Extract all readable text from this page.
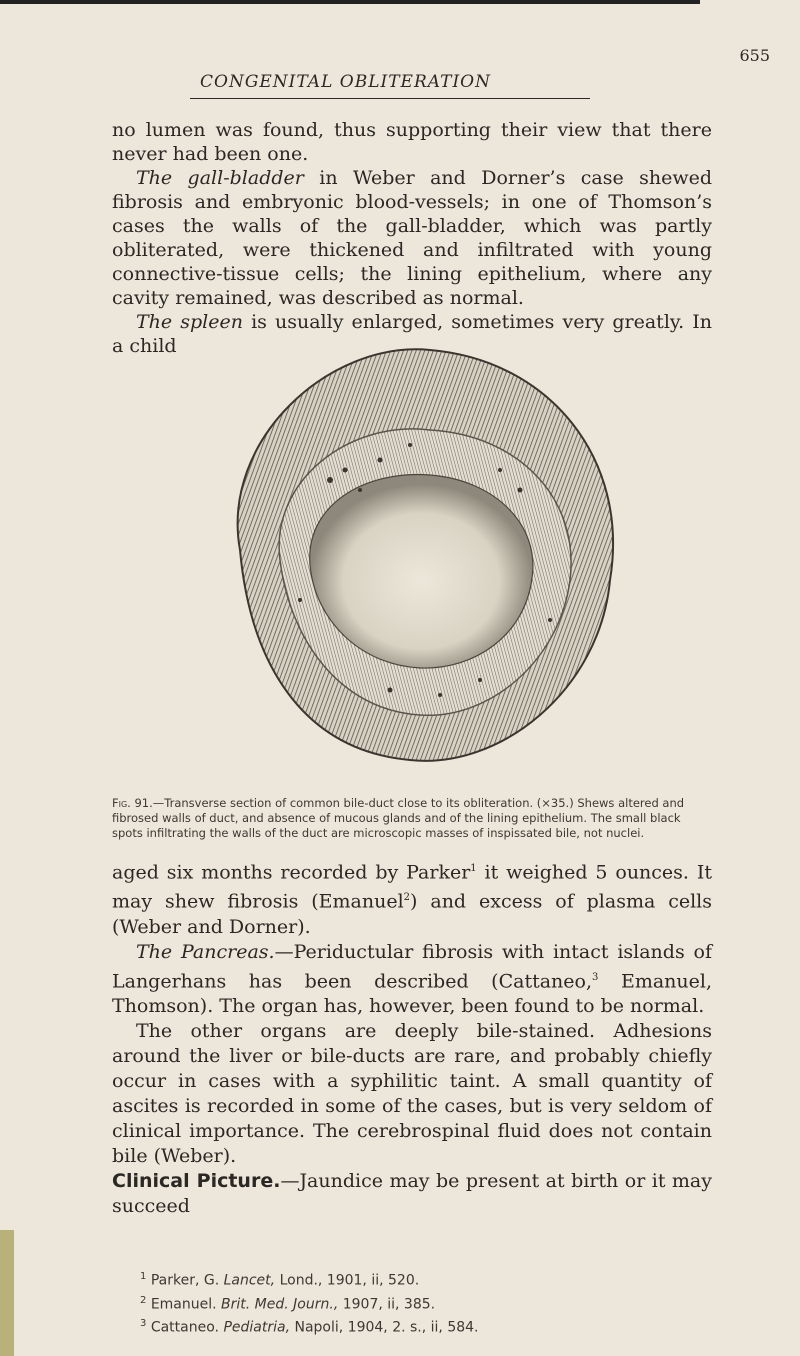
CONGENITAL OBLITERATION
655

no lumen was found, thus supporting their view that there never had been one.

The gall-bladder in Weber and Dorner’s case shewed fibrosis and embryonic blood-vessels; in one of Thomson’s cases the walls of the gall-bladder, which was partly obliterated, were thickened and infiltrated with young connective-tissue cells; the lining epithelium, where any cavity remained, was described as normal.

The spleen is usually enlarged, sometimes very greatly. In a child

Fig. 91.—Transverse section of common bile-duct close to its obliteration. (×35.) Shews altered and fibrosed walls of duct, and absence of mucous glands and of the lining epithelium. The small black spots infiltrating the walls of the duct are microscopic masses of inspissated bile, not nuclei.

aged six months recorded by Parker$^1$ it weighed 5 ounces. It may shew fibrosis (Emanuel$^2$) and excess of plasma cells (Weber and Dorner).

The Pancreas.—Periductular fibrosis with intact islands of Langerhans has been described (Cattaneo,$^3$ Emanuel, Thomson). The organ has, however, been found to be normal.

The other organs are deeply bile-stained. Adhesions around the liver or bile-ducts are rare, and probably chiefly occur in cases with a syphilitic taint. A small quantity of ascites is recorded in some of the cases, but is very seldom of clinical importance. The cerebrospinal fluid does not contain bile (Weber).

Clinical Picture.—Jaundice may be present at birth or it may succeed

$^1$ Parker, G. Lancet, Lond., 1901, ii, 520.

$^2$ Emanuel. Brit. Med. Journ., 1907, ii, 385.

$^3$ Cattaneo. Pediatria, Napoli, 1904, 2. s., ii, 584.
